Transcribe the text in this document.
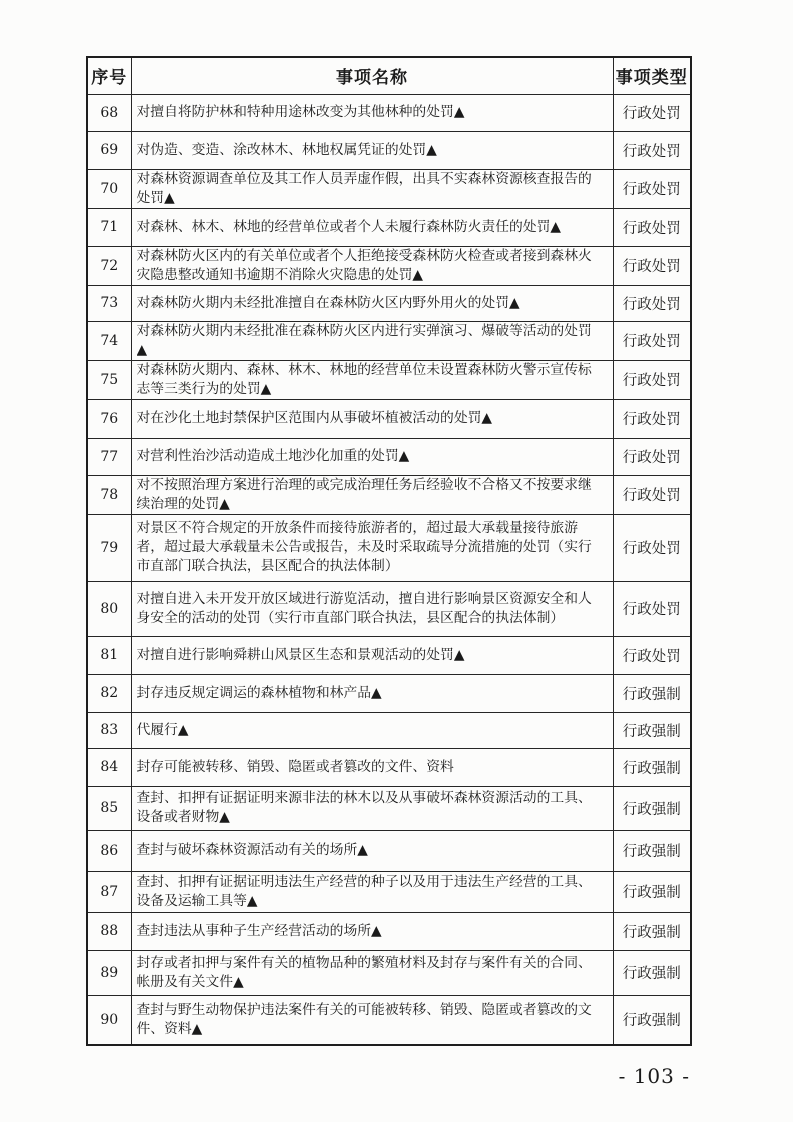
序号	事项名称	事项类型
68	对擅自将防护林和特种用途林改变为其他林种的处罚▲	行政处罚
69	对伪造、变造、涂改林木、林地权属凭证的处罚▲	行政处罚
70	对森林资源调查单位及其工作人员弄虚作假，出具不实森林资源核查报告的
处罚▲	行政处罚
71	对森林、林木、林地的经营单位或者个人未履行森林防火责任的处罚▲	行政处罚
72	对森林防火区内的有关单位或者个人拒绝接受森林防火检查或者接到森林火
灾隐患整改通知书逾期不消除火灾隐患的处罚▲	行政处罚
73	对森林防火期内未经批准擅自在森林防火区内野外用火的处罚▲	行政处罚
74	对森林防火期内未经批准在森林防火区内进行实弹演习、爆破等活动的处罚
▲	行政处罚
75	对森林防火期内、森林、林木、林地的经营单位未设置森林防火警示宣传标
志等三类行为的处罚▲	行政处罚
76	对在沙化土地封禁保护区范围内从事破坏植被活动的处罚▲	行政处罚
77	对营利性治沙活动造成土地沙化加重的处罚▲	行政处罚
78	对不按照治理方案进行治理的或完成治理任务后经验收不合格又不按要求继
续治理的处罚▲	行政处罚
79	对景区不符合规定的开放条件而接待旅游者的，超过最大承载量接待旅游
者，超过最大承载量未公告或报告，未及时采取疏导分流措施的处罚（实行
市直部门联合执法，县区配合的执法体制）	行政处罚
80	对擅自进入未开发开放区域进行游览活动，擅自进行影响景区资源安全和人
身安全的活动的处罚（实行市直部门联合执法，县区配合的执法体制）	行政处罚
81	对擅自进行影响舜耕山风景区生态和景观活动的处罚▲	行政处罚
82	封存违反规定调运的森林植物和林产品▲	行政强制
83	代履行▲	行政强制
84	封存可能被转移、销毁、隐匿或者篡改的文件、资料	行政强制
85	查封、扣押有证据证明来源非法的林木以及从事破坏森林资源活动的工具、
设备或者财物▲	行政强制
86	查封与破坏森林资源活动有关的场所▲	行政强制
87	查封、扣押有证据证明违法生产经营的种子以及用于违法生产经营的工具、
设备及运输工具等▲	行政强制
88	查封违法从事种子生产经营活动的场所▲	行政强制
89	封存或者扣押与案件有关的植物品种的繁殖材料及封存与案件有关的合同、
帐册及有关文件▲	行政强制
90	查封与野生动物保护违法案件有关的可能被转移、销毁、隐匿或者篡改的文
件、资料▲	行政强制
- 103 -
